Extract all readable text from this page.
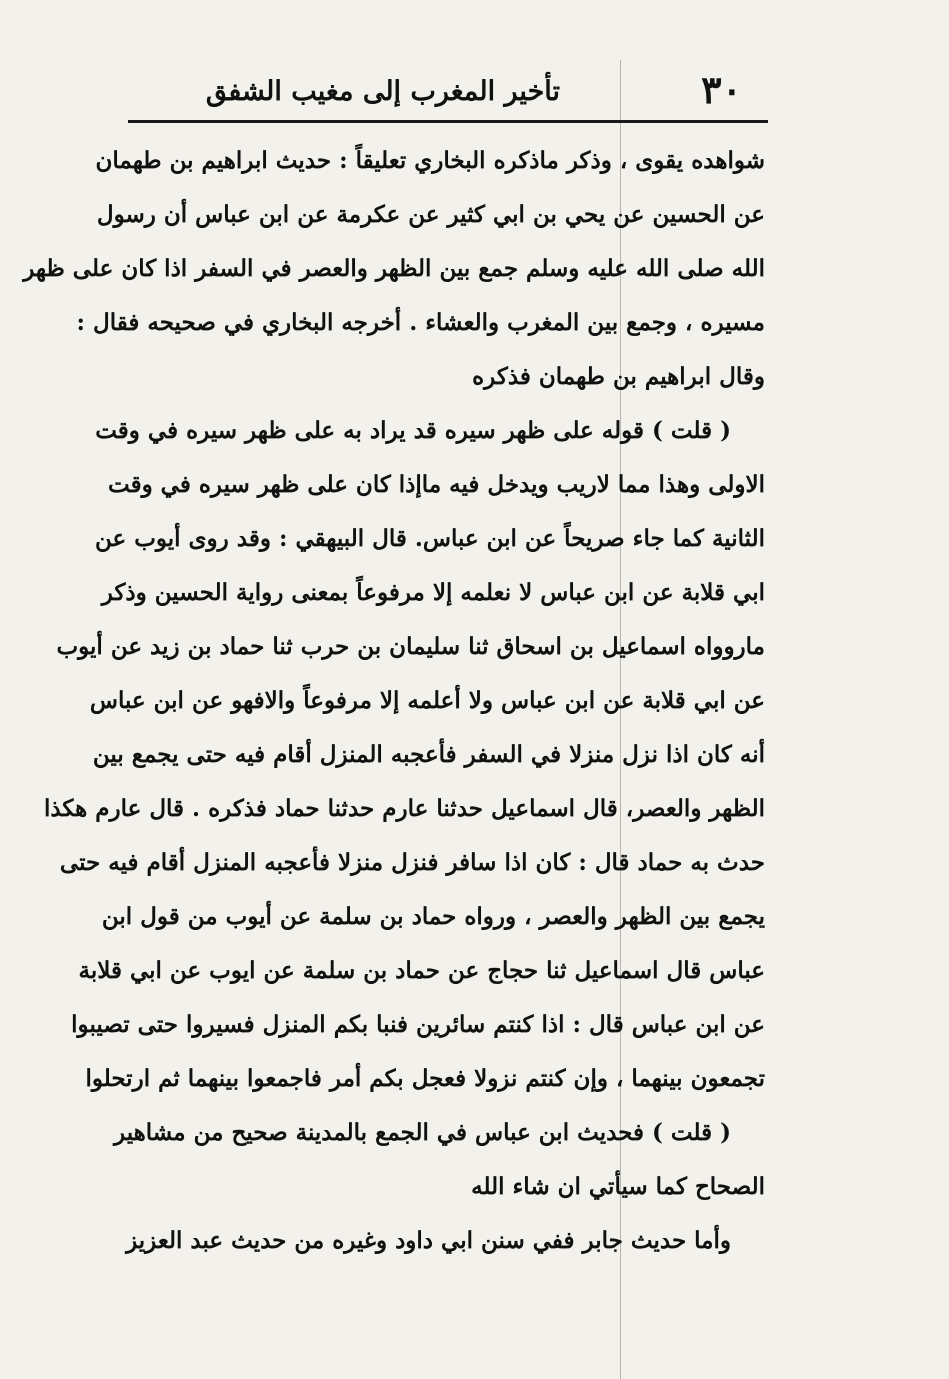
٣٠
تأخير المغرب إلى مغيب الشفق
شواهده يقوى ، وذكر ماذكره البخاري تعليقاً : حديث ابراهيم بن طهمان
عن الحسين عن يحي بن ابي كثير عن عكرمة عن ابن عباس أن رسول
الله صلى الله عليه وسلم جمع بين الظهر والعصر في السفر اذا كان على ظهر
مسيره ، وجمع بين المغرب والعشاء . أخرجه البخاري في صحيحه فقال :
وقال ابراهيم بن طهمان فذكره
( قلت ) قوله على ظهر سيره قد يراد به على ظهر سيره في وقت
الاولى وهذا مما لاريب ويدخل فيه ماإذا كان على ظهر سيره في وقت
الثانية كما جاء صريحاً عن ابن عباس. قال البيهقي : وقد روى أيوب عن
ابي قلابة عن ابن عباس لا نعلمه إلا مرفوعاً بمعنى رواية الحسين وذكر
ماروواه اسماعيل بن اسحاق ثنا سليمان بن حرب ثنا حماد بن زيد عن أيوب
عن ابي قلابة عن ابن عباس ولا أعلمه إلا مرفوعاً والافهو عن ابن عباس
أنه كان اذا نزل منزلا في السفر فأعجبه المنزل أقام فيه حتى يجمع بين
الظهر والعصر، قال اسماعيل حدثنا عارم حدثنا حماد فذكره . قال عارم هكذا
حدث به حماد قال : كان اذا سافر فنزل منزلا فأعجبه المنزل أقام فيه حتى
يجمع بين الظهر والعصر ، ورواه حماد بن سلمة عن أيوب من قول ابن
عباس قال اسماعيل ثنا حجاج عن حماد بن سلمة عن ايوب عن ابي قلابة
عن ابن عباس قال : اذا كنتم سائرين فنبا بكم المنزل فسيروا حتى تصيبوا
تجمعون بينهما ، وإن كنتم نزولا فعجل بكم أمر فاجمعوا بينهما ثم ارتحلوا
( قلت ) فحديث ابن عباس في الجمع بالمدينة صحيح من مشاهير
الصحاح كما سيأتي ان شاء الله
وأما حديث جابر ففي سنن ابي داود وغيره من حديث عبد العزيز
